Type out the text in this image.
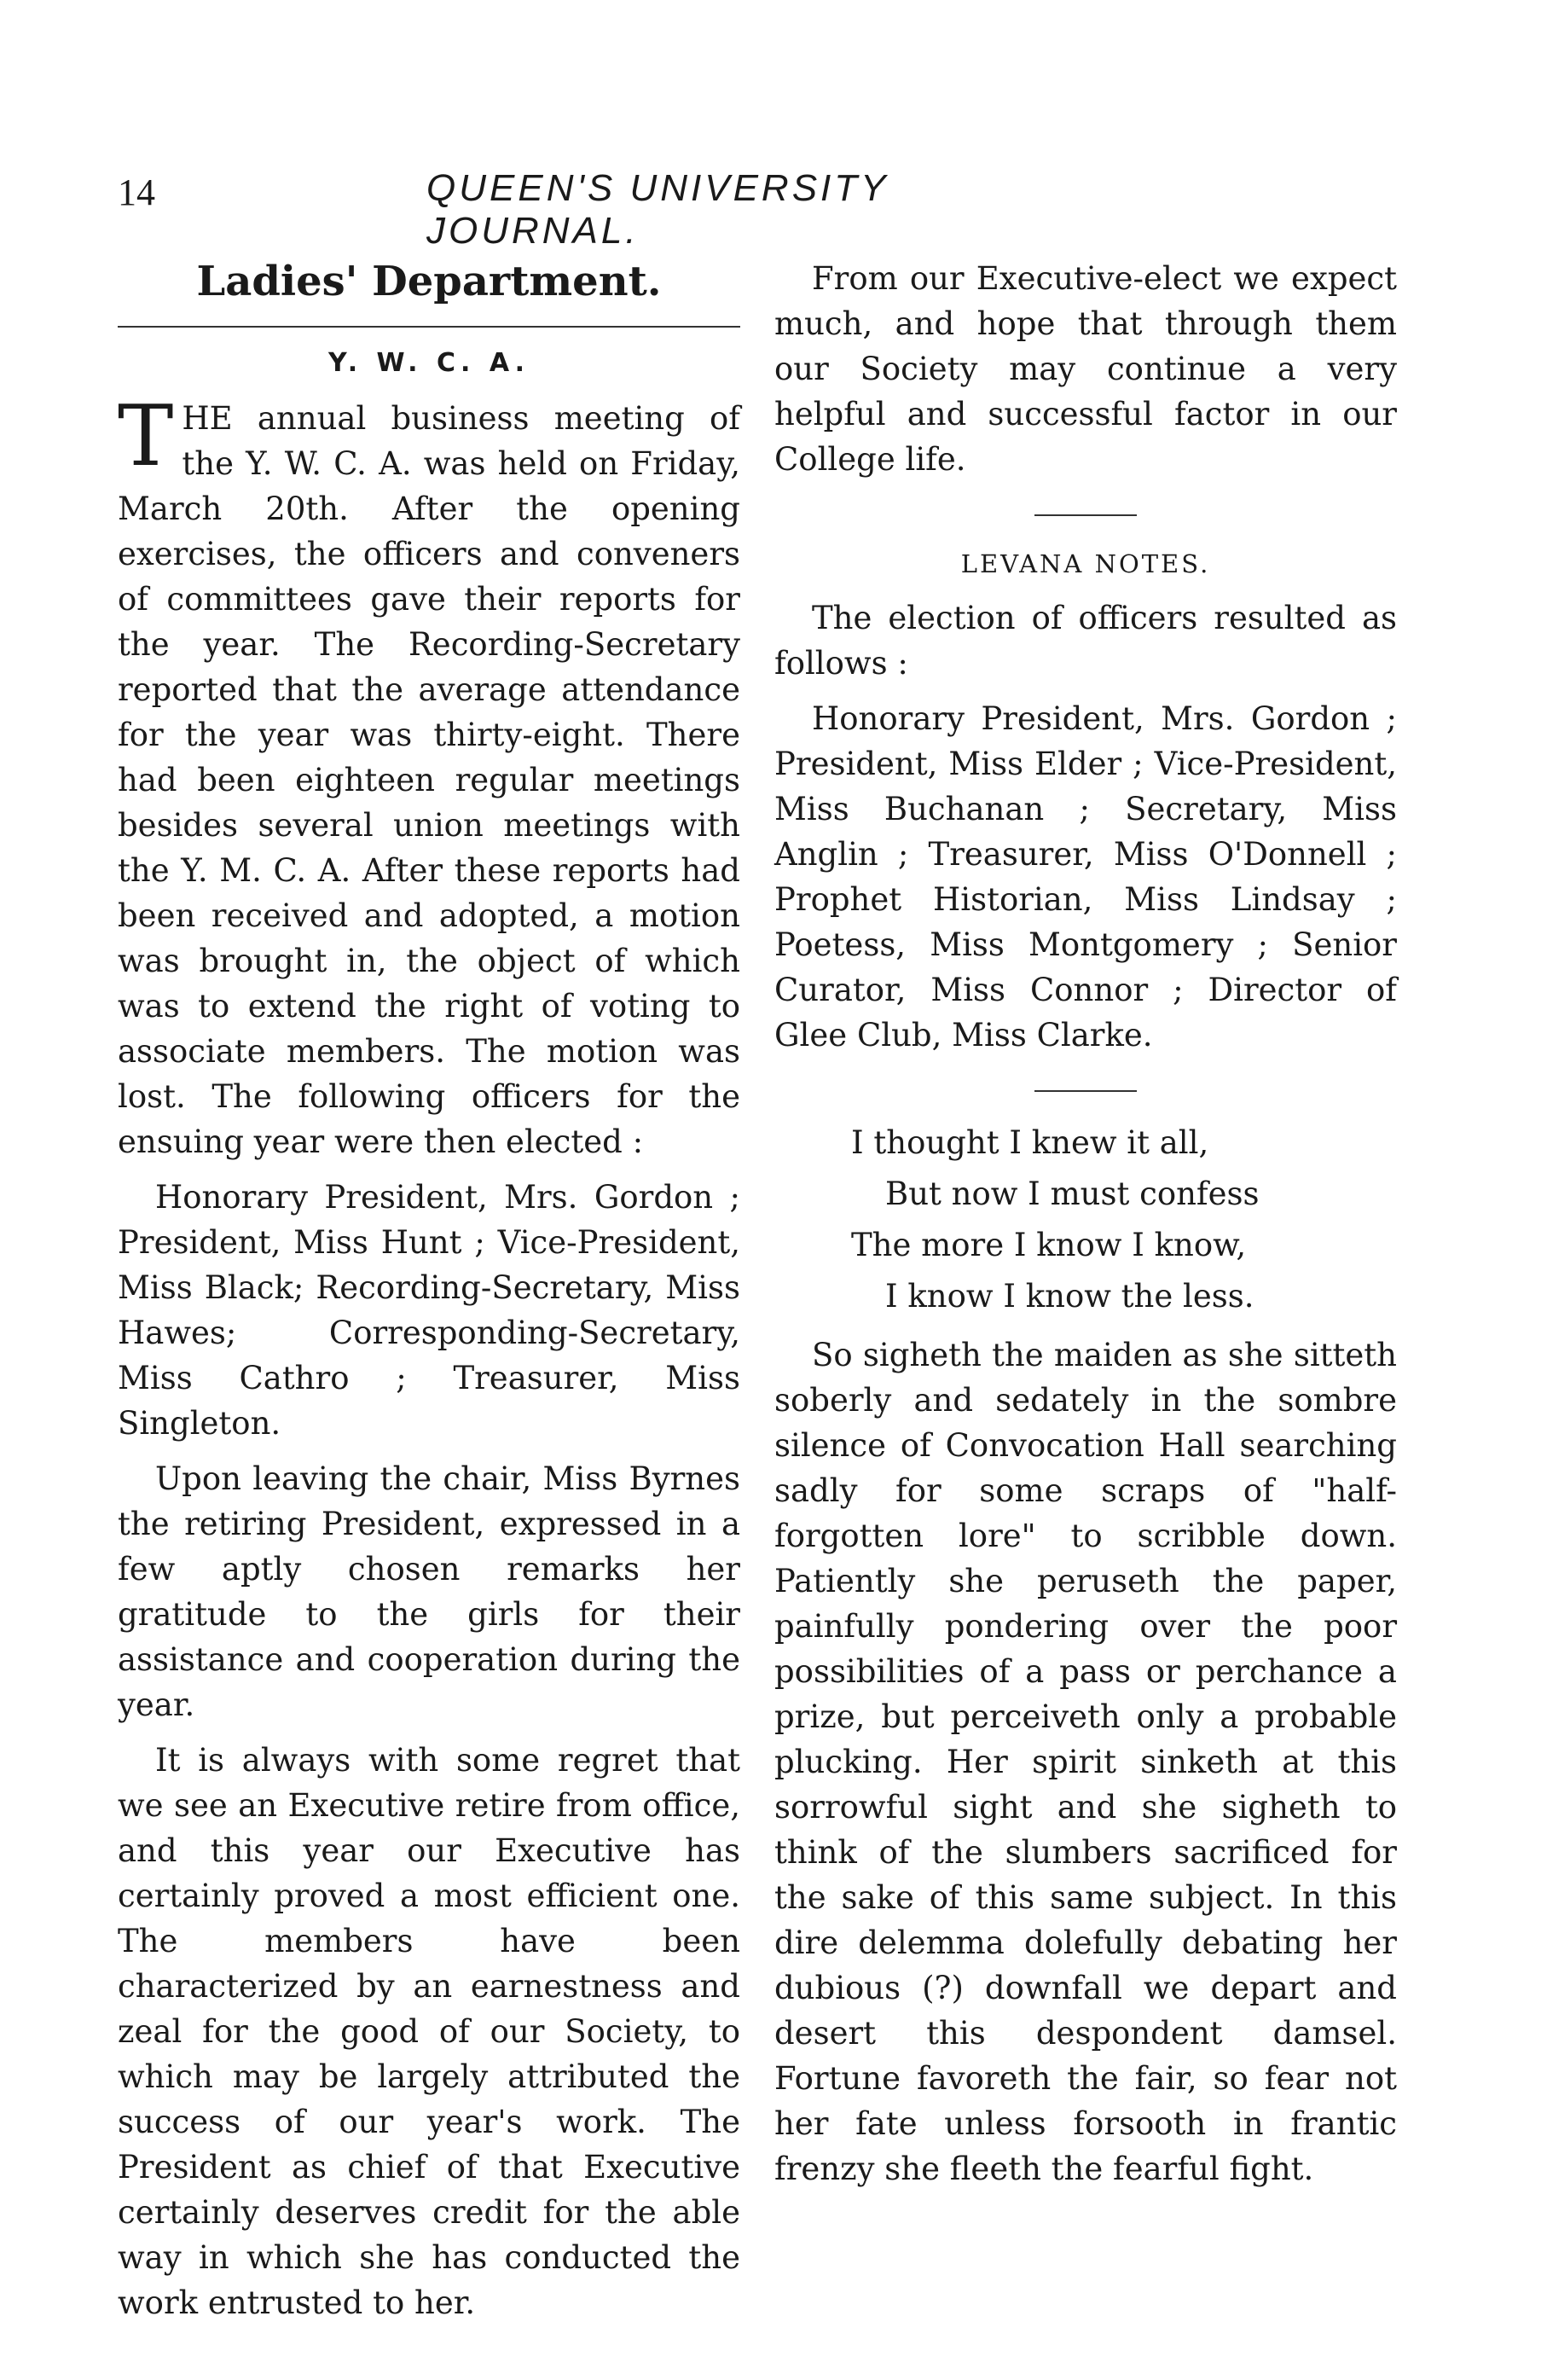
14	QUEEN'S UNIVERSITY JOURNAL.
Ladies' Department.
Y. W. C. A.

THE annual business meeting of the Y. W. C. A. was held on Friday, March 20th. After the opening exercises, the officers and conveners of committees gave their reports for the year. The Recording-Secretary reported that the average attendance for the year was thirty-eight. There had been eighteen regular meetings besides several union meetings with the Y. M. C. A. After these reports had been received and adopted, a motion was brought in, the object of which was to extend the right of voting to associate members. The motion was lost. The following officers for the ensuing year were then elected :

Honorary President, Mrs. Gordon ; President, Miss Hunt ; Vice-President, Miss Black; Recording-Secretary, Miss Hawes; Corresponding-Secretary, Miss Cathro ; Treasurer, Miss Singleton.

Upon leaving the chair, Miss Byrnes the retiring President, expressed in a few aptly chosen remarks her gratitude to the girls for their assistance and cooperation during the year.

It is always with some regret that we see an Executive retire from office, and this year our Executive has certainly proved a most efficient one. The members have been characterized by an earnestness and zeal for the good of our Society, to which may be largely attributed the success of our year's work. The President as chief of that Executive certainly deserves credit for the able way in which she has conducted the work entrusted to her.

From our Executive-elect we expect much, and hope that through them our Society may continue a very helpful and successful factor in our College life.

LEVANA NOTES.

The election of officers resulted as follows :

Honorary President, Mrs. Gordon ; President, Miss Elder ; Vice-President, Miss Buchanan ; Secretary, Miss Anglin ; Treasurer, Miss O'Donnell ; Prophet Historian, Miss Lindsay ; Poetess, Miss Montgomery ; Senior Curator, Miss Connor ; Director of Glee Club, Miss Clarke.

I thought I knew it all,
But now I must confess
The more I know I know,
I know I know the less.

So sigheth the maiden as she sitteth soberly and sedately in the sombre silence of Convocation Hall searching sadly for some scraps of "half-forgotten lore" to scribble down. Patiently she peruseth the paper, painfully pondering over the poor possibilities of a pass or perchance a prize, but perceiveth only a probable plucking. Her spirit sinketh at this sorrowful sight and she sigheth to think of the slumbers sacrificed for the sake of this same subject. In this dire delemma dolefully debating her dubious (?) downfall we depart and desert this despondent damsel. Fortune favoreth the fair, so fear not her fate unless forsooth in frantic frenzy she fleeth the fearful fight.
